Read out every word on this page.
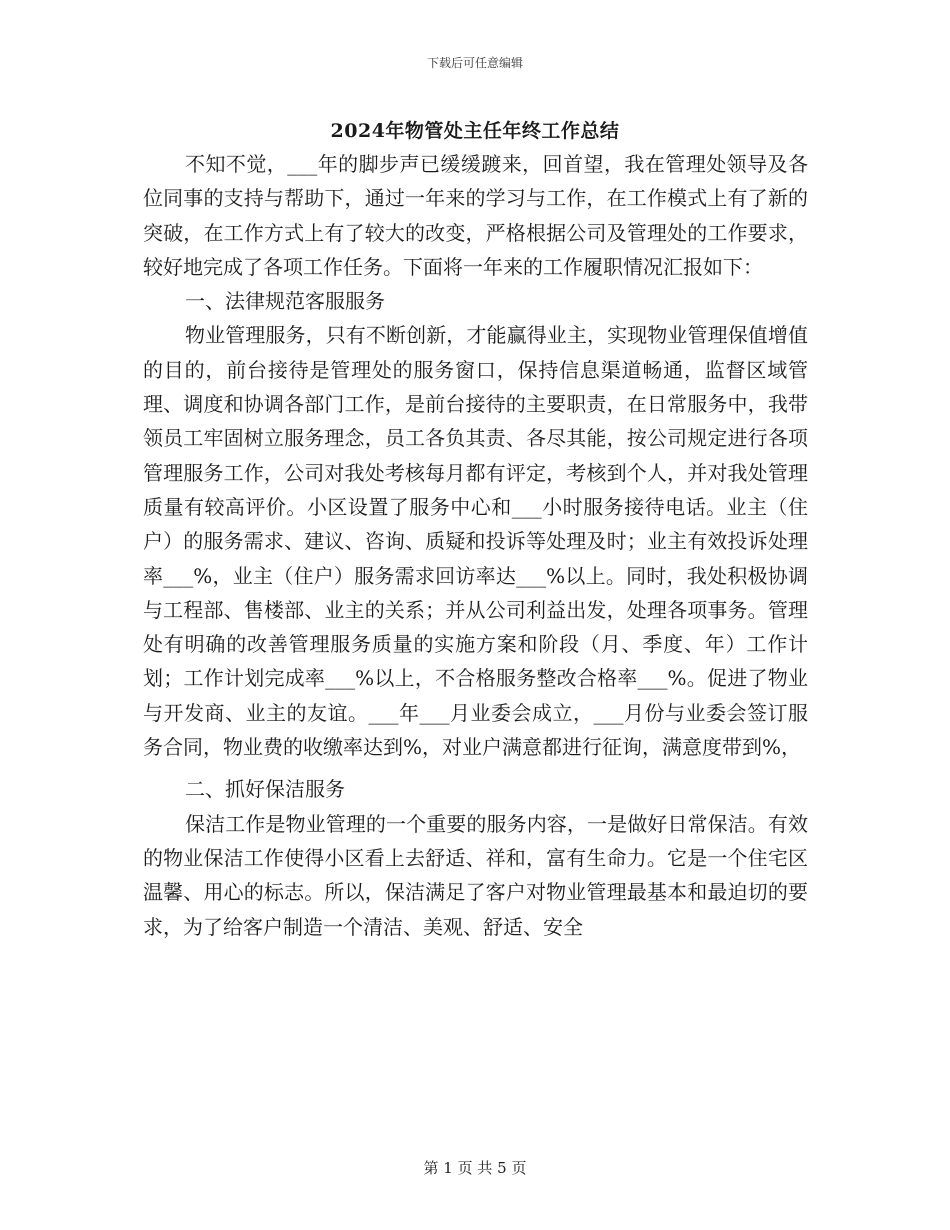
下载后可任意编辑
2024年物管处主任年终工作总结

不知不觉，___年的脚步声已缓缓踱来，回首望，我在管理处领导及各位同事的支持与帮助下，通过一年来的学习与工作，在工作模式上有了新的突破，在工作方式上有了较大的改变，严格根据公司及管理处的工作要求，较好地完成了各项工作任务。下面将一年来的工作履职情况汇报如下：

一、法律规范客服服务

物业管理服务，只有不断创新，才能赢得业主，实现物业管理保值增值的目的，前台接待是管理处的服务窗口，保持信息渠道畅通，监督区域管理、调度和协调各部门工作，是前台接待的主要职责，在日常服务中，我带领员工牢固树立服务理念，员工各负其责、各尽其能，按公司规定进行各项管理服务工作，公司对我处考核每月都有评定，考核到个人，并对我处管理质量有较高评价。小区设置了服务中心和___小时服务接待电话。业主（住户）的服务需求、建议、咨询、质疑和投诉等处理及时；业主有效投诉处理率___%，业主（住户）服务需求回访率达___%以上。同时，我处积极协调与工程部、售楼部、业主的关系；并从公司利益出发，处理各项事务。管理处有明确的改善管理服务质量的实施方案和阶段（月、季度、年）工作计划；工作计划完成率___%以上，不合格服务整改合格率___%。促进了物业与开发商、业主的友谊。___年___月业委会成立，___月份与业委会签订服务合同，物业费的收缴率达到%，对业户满意都进行征询，满意度带到%，

二、抓好保洁服务

保洁工作是物业管理的一个重要的服务内容，一是做好日常保洁。有效的物业保洁工作使得小区看上去舒适、祥和，富有生命力。它是一个住宅区温馨、用心的标志。所以，保洁满足了客户对物业管理最基本和最迫切的要求，为了给客户制造一个清洁、美观、舒适、安全

第 1 页 共 5 页
